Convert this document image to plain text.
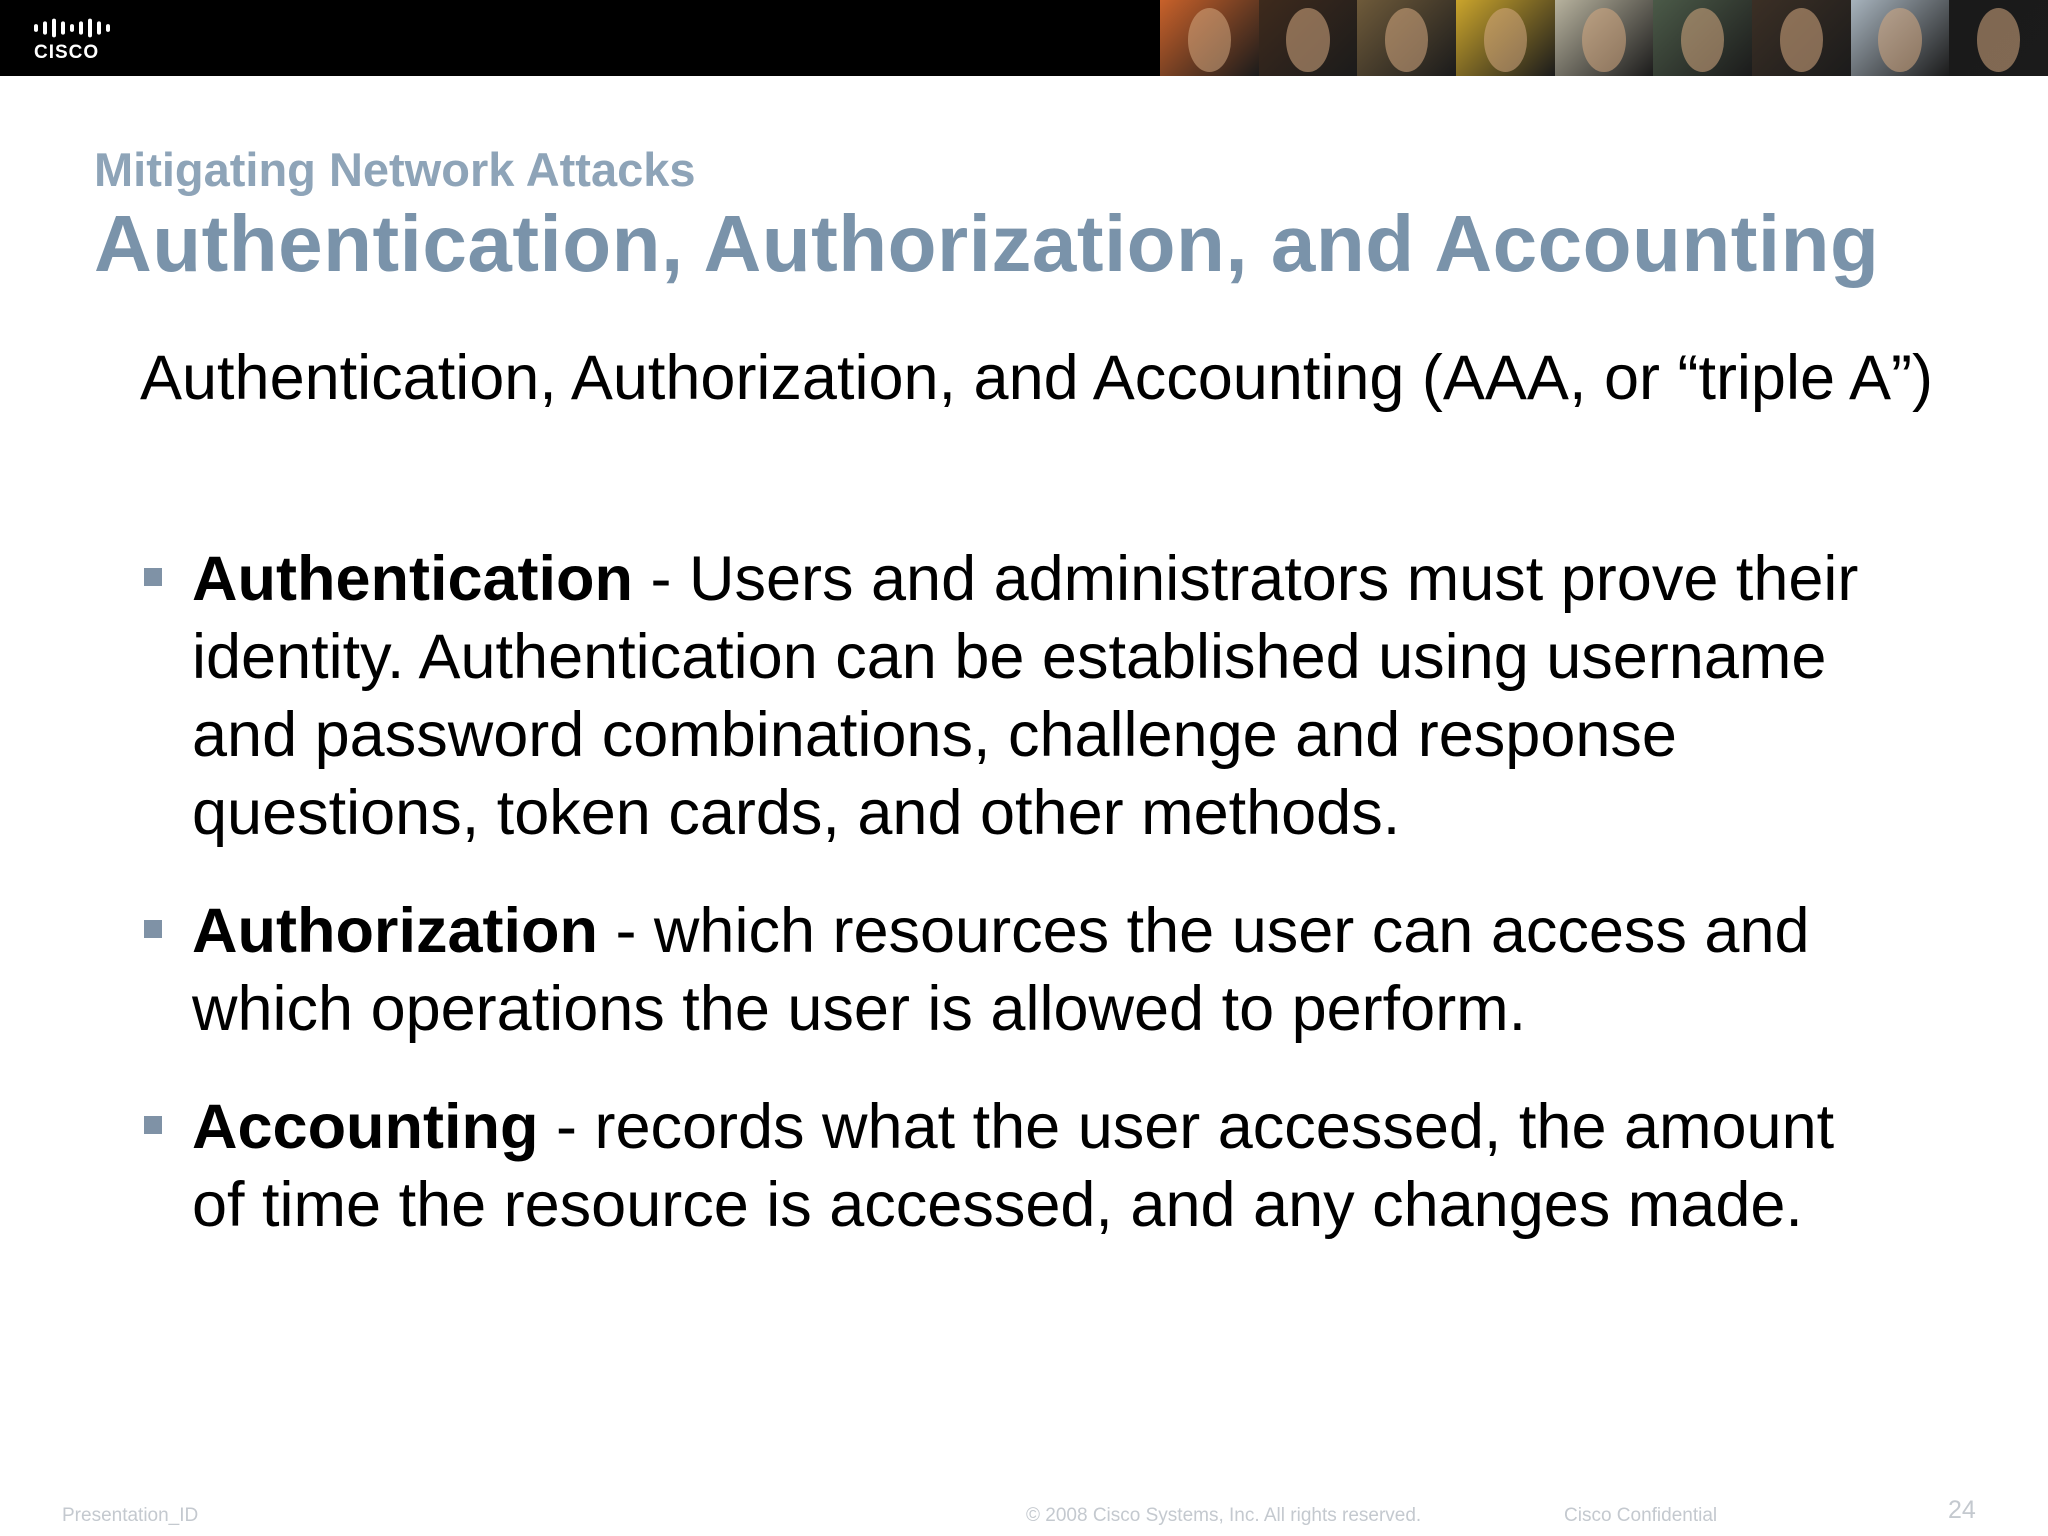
CISCO
Mitigating Network Attacks
Authentication, Authorization, and Accounting
Authentication, Authorization, and Accounting (AAA, or “triple A”)
Authentication - Users and administrators must prove their identity. Authentication can be established using username and password combinations, challenge and response questions, token cards, and other methods.
Authorization - which resources the user can access and which operations the user is allowed to perform.
Accounting - records what the user accessed, the amount of time the resource is accessed, and any changes made.
Presentation_ID	© 2008 Cisco Systems, Inc. All rights reserved.	Cisco Confidential	24
